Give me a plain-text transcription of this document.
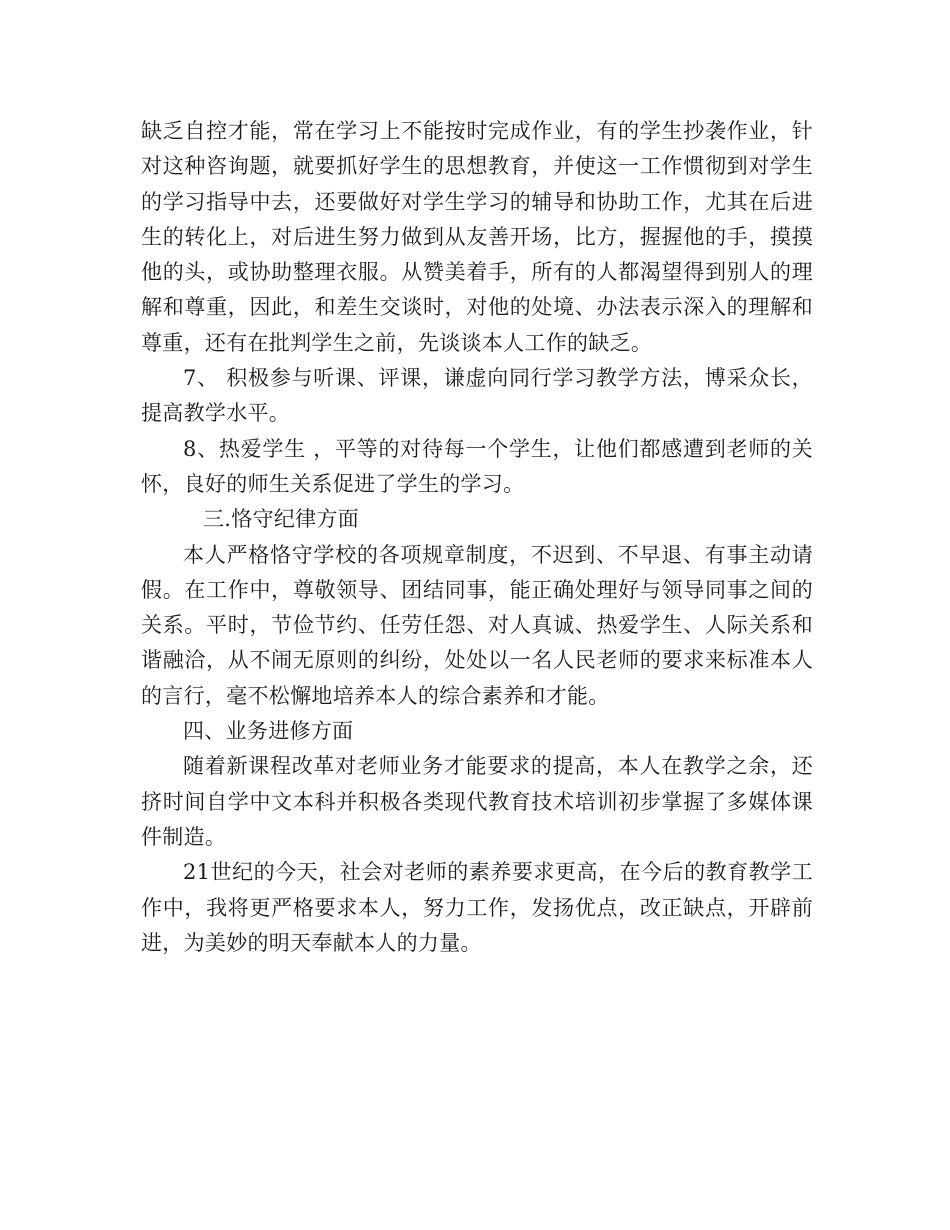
缺乏自控才能，常在学习上不能按时完成作业，有的学生抄袭作业，针对这种咨询题，就要抓好学生的思想教育，并使这一工作惯彻到对学生的学习指导中去，还要做好对学生学习的辅导和协助工作，尤其在后进生的转化上，对后进生努力做到从友善开场，比方，握握他的手，摸摸他的头，或协助整理衣服。从赞美着手，所有的人都渴望得到别人的理解和尊重，因此，和差生交谈时，对他的处境、办法表示深入的理解和尊重，还有在批判学生之前，先谈谈本人工作的缺乏。

7、 积极参与听课、评课，谦虚向同行学习教学方法，博采众长，提高教学水平。

8、热爱学生 ，平等的对待每一个学生，让他们都感遭到老师的关怀，良好的师生关系促进了学生的学习。

三.恪守纪律方面

本人严格恪守学校的各项规章制度，不迟到、不早退、有事主动请假。在工作中，尊敬领导、团结同事，能正确处理好与领导同事之间的关系。平时，节俭节约、任劳任怨、对人真诚、热爱学生、人际关系和谐融洽，从不闹无原则的纠纷，处处以一名人民老师的要求来标准本人的言行，毫不松懈地培养本人的综合素养和才能。

四、业务进修方面

随着新课程改革对老师业务才能要求的提高，本人在教学之余，还挤时间自学中文本科并积极各类现代教育技术培训初步掌握了多媒体课件制造。

21世纪的今天，社会对老师的素养要求更高，在今后的教育教学工作中，我将更严格要求本人，努力工作，发扬优点，改正缺点，开辟前进，为美妙的明天奉献本人的力量。
